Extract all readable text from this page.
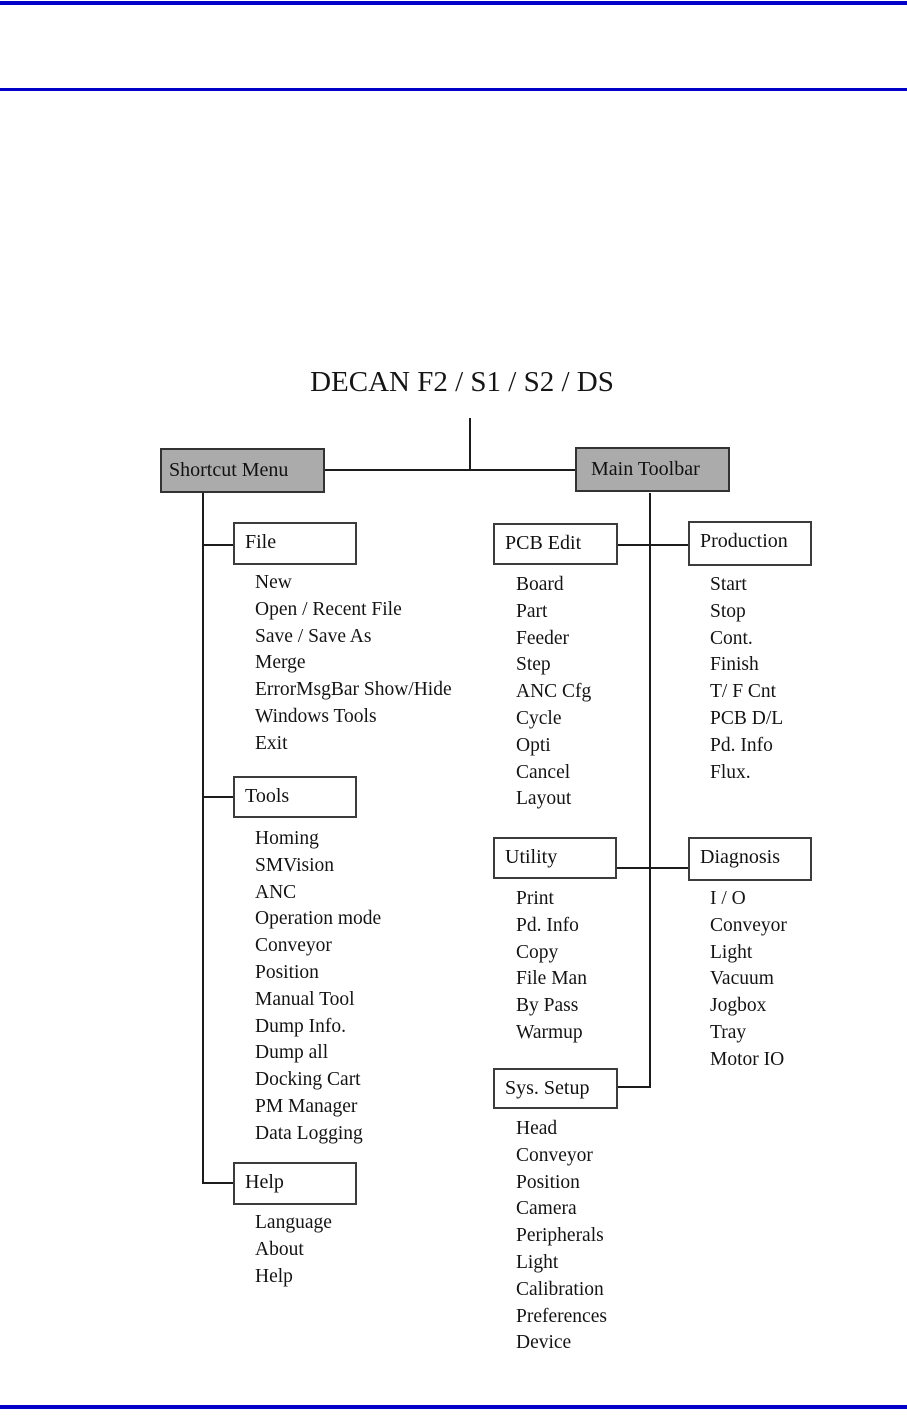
DECAN F2 / S1 / S2 / DS
Shortcut Menu	Main Toolbar
File
New
Open / Recent File
Save / Save As
Merge
ErrorMsgBar Show/Hide
Windows Tools
Exit
Tools
Homing
SMVision
ANC
Operation mode
Conveyor
Position
Manual Tool
Dump Info.
Dump all
Docking Cart
PM Manager
Data Logging
Help
Language
About
Help
PCB Edit
Board
Part
Feeder
Step
ANC Cfg
Cycle
Opti
Cancel
Layout
Utility
Print
Pd. Info
Copy
File Man
By Pass
Warmup
Sys. Setup
Head
Conveyor
Position
Camera
Peripherals
Light
Calibration
Preferences
Device
Production
Start
Stop
Cont.
Finish
T/ F Cnt
PCB D/L
Pd. Info
Flux.
Diagnosis
I / O
Conveyor
Light
Vacuum
Jogbox
Tray
Motor IO
